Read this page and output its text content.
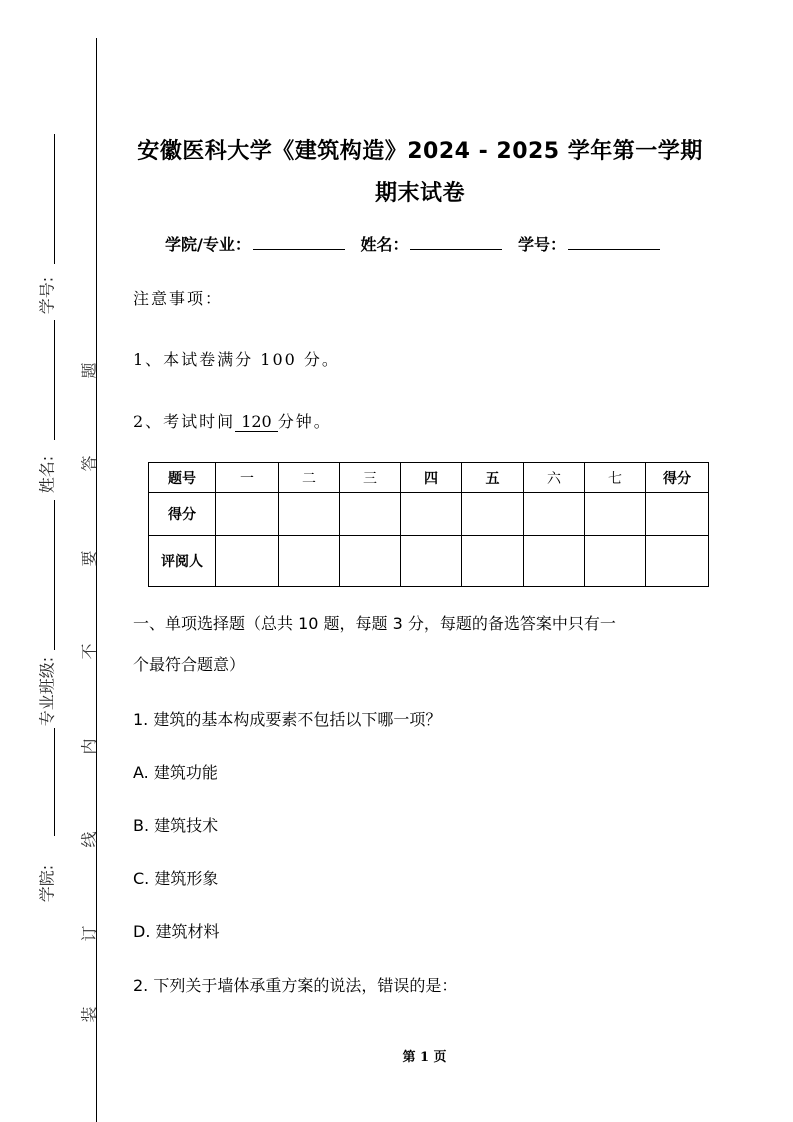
学号:
姓名:
专业班级:
学院:
题
答
要
不
内
线
订
装
安徽医科大学《建筑构造》2024 - 2025 学年第一学期
期末试卷
学院/专业：	姓名：	学号：
注意事项：
1、本试卷满分 100 分。
2、考试时间 120 分钟。
题号	一	二	三	四	五	六	七	得分
得分								
评阅人								
一、单项选择题（总共 10 题，每题 3 分，每题的备选答案中只有一
个最符合题意）
1. 建筑的基本构成要素不包括以下哪一项？
A. 建筑功能
B. 建筑技术
C. 建筑形象
D. 建筑材料
2. 下列关于墙体承重方案的说法，错误的是：
第 1 页
